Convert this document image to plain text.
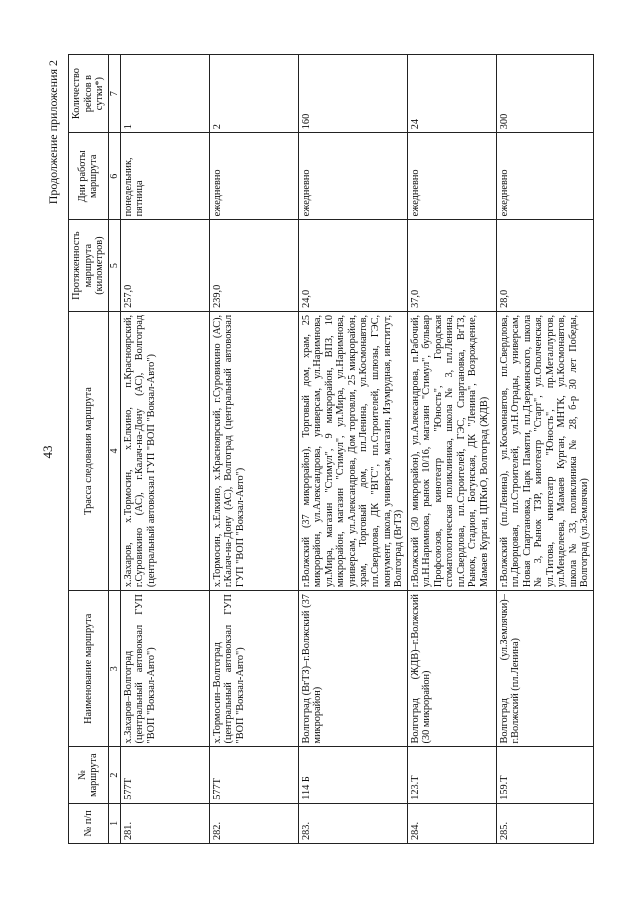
43
Продолжение приложения 2
№ п/п	№ маршрута	Наименование маршрута	Трасса следования маршрута	Протяженность маршрута (километров)	Дни работы маршрута	Количество рейсов в сутки*)
1	2	3	4	5	6	7
281.	577Т	х.Захаров–Волгоград (центральный автовокзал ГУП "ВОП "Вокзал-Авто")	х.Захаров, х.Тормосин, х.Елкино, п.Красноярский, г.Суровикино (АС), г.Калач-на-Дону (АС), Волгоград (центральный автовокзал ГУП "ВОП "Вокзал-Авто")	257,0	понедельник, пятница	1
282.	577Т	х.Тормосин–Волгоград (центральный автовокзал ГУП "ВОП "Вокзал-Авто")	х.Тормосин, х.Елкино, х.Красноярский, г.Суровикино (АС), г.Калач-на-Дону (АС), Волгоград (центральный автовокзал ГУП "ВОП "Вокзал-Авто")	239,0	ежедневно	2
283.	114 Б	Волгоград (ВгТЗ)–г.Волжский (37 микрорайон)	г.Волжский (37 микрорайон), Торговый дом, храм, 25 микрорайон, ул.Александрова, универсам, ул.Наримнова, ул.Мира, магазин "Стимул", 9 микрорайон, ВПЗ, 10 микрорайон, магазин "Стимул", ул.Мира, ул.Наримнова, универсам, ул.Александрова, Дом торговли, 25 микрорайон, храм, Торговый дом, пл.Ленина, ул.Космонавтов, пл.Свердлова, ДК "ВГС", пл.Строителей, шлюзы, ГЭС, монумент, школа, универсам, магазин, Изумрудная, институт, Волгоград (ВгТЗ)	24,0	ежедневно	160
284.	123.Т	Волгоград (ЖДВ)–г.Волжский (30 микрорайон)	г.Волжский (30 микрорайон), ул.Александрова, п.Рабочий, ул.Н.Наримнова, рынок 10/16, магазин "Стимул", бульвар Профсоюзов, кинотеатр "Юность", Городская стоматологическая поликлиника, школа № 3, пл.Ленина, пл.Свердлова, пл.Строителей, ГЭС, Спартановка, ВгТЗ, Рынок, Стадион, Богунская, ДК "Ленина", Возрождение, Мамаев Курган, ЦПКиО, Волгоград (ЖДВ)	37,0	ежедневно	24
285.	159.Т	Волгоград (ул.Землячки)–г.Волжский (пл.Ленина)	г.Волжский (пл.Ленина), ул.Космонавтов, пл.Свердлова, пл.Дворцовая, пл.Строителей, ул.Н.Отрады, универсам, Новая Спартановка, Парк Памяти, пл.Дзержинского, школа № 3, Рынок ТЗР, кинотеатр "Старт", ул.Ополченская, ул.Титова, кинотеатр "Юность", пр.Металлургов, ул.Менделеева, Мамаев Курган, МНТК, ул.Космонавтов, школа № 33, поликлиника № 28, б-р 30 лет Победы, Волгоград (ул.Землячки)	28,0	ежедневно	300
